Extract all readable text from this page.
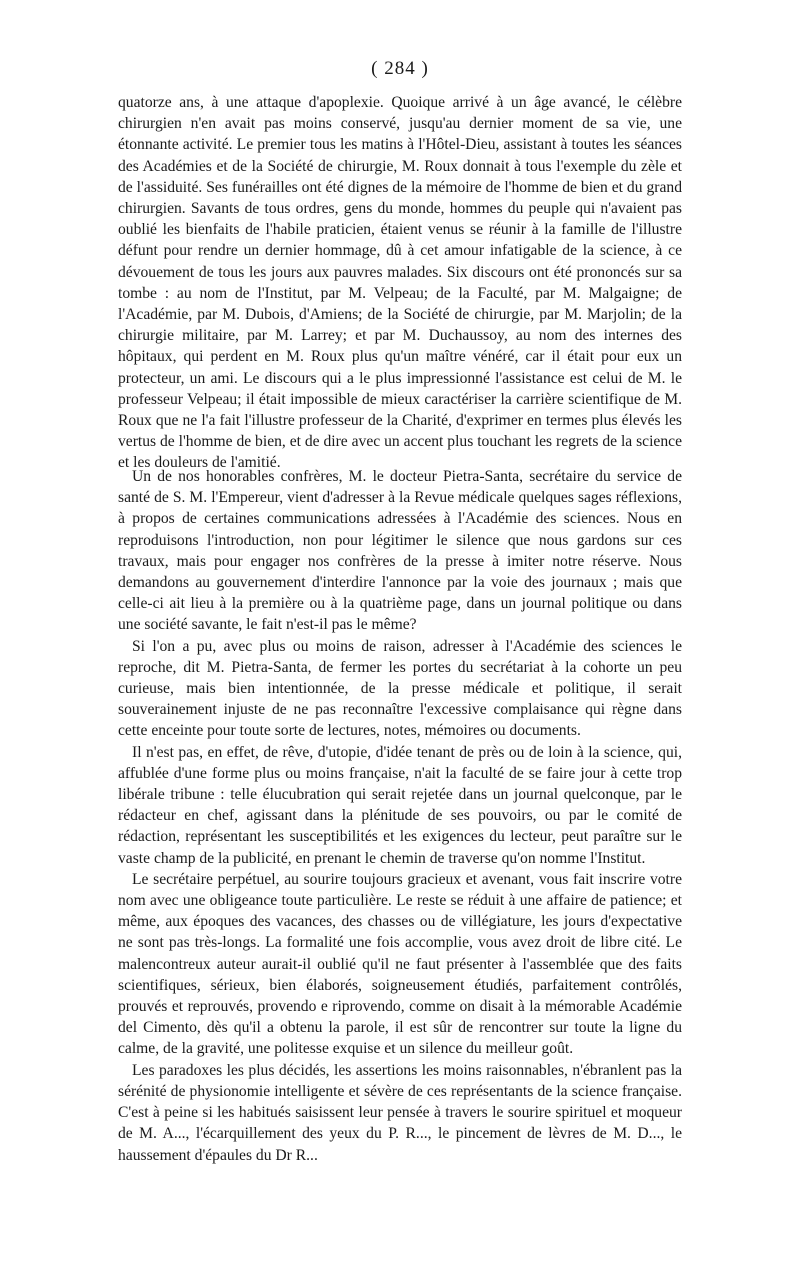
( 284 )

quatorze ans, à une attaque d'apoplexie. Quoique arrivé à un âge avancé, le célèbre chirurgien n'en avait pas moins conservé, jusqu'au dernier moment de sa vie, une étonnante activité. Le premier tous les matins à l'Hôtel-Dieu, assistant à toutes les séances des Académies et de la Société de chirurgie, M. Roux donnait à tous l'exemple du zèle et de l'assiduité. Ses funérailles ont été dignes de la mémoire de l'homme de bien et du grand chirurgien. Savants de tous ordres, gens du monde, hommes du peuple qui n'avaient pas oublié les bienfaits de l'habile praticien, étaient venus se réunir à la famille de l'illustre défunt pour rendre un dernier hommage, dû à cet amour infatigable de la science, à ce dévouement de tous les jours aux pauvres malades. Six discours ont été prononcés sur sa tombe : au nom de l'Institut, par M. Velpeau; de la Faculté, par M. Malgaigne; de l'Académie, par M. Dubois, d'Amiens; de la Société de chirurgie, par M. Marjolin; de la chirurgie militaire, par M. Larrey; et par M. Duchaussoy, au nom des internes des hôpitaux, qui perdent en M. Roux plus qu'un maître vénéré, car il était pour eux un protecteur, un ami. Le discours qui a le plus impressionné l'assistance est celui de M. le professeur Velpeau; il était impossible de mieux caractériser la carrière scientifique de M. Roux que ne l'a fait l'illustre professeur de la Charité, d'exprimer en termes plus élevés les vertus de l'homme de bien, et de dire avec un accent plus touchant les regrets de la science et les douleurs de l'amitié.

Un de nos honorables confrères, M. le docteur Pietra-Santa, secrétaire du service de santé de S. M. l'Empereur, vient d'adresser à la Revue médicale quelques sages réflexions, à propos de certaines communications adressées à l'Académie des sciences. Nous en reproduisons l'introduction, non pour légitimer le silence que nous gardons sur ces travaux, mais pour engager nos confrères de la presse à imiter notre réserve. Nous demandons au gouvernement d'interdire l'annonce par la voie des journaux ; mais que celle-ci ait lieu à la première ou à la quatrième page, dans un journal politique ou dans une société savante, le fait n'est-il pas le même?

Si l'on a pu, avec plus ou moins de raison, adresser à l'Académie des sciences le reproche, dit M. Pietra-Santa, de fermer les portes du secrétariat à la cohorte un peu curieuse, mais bien intentionnée, de la presse médicale et politique, il serait souverainement injuste de ne pas reconnaître l'excessive complaisance qui règne dans cette enceinte pour toute sorte de lectures, notes, mémoires ou documents.

Il n'est pas, en effet, de rêve, d'utopie, d'idée tenant de près ou de loin à la science, qui, affublée d'une forme plus ou moins française, n'ait la faculté de se faire jour à cette trop libérale tribune : telle élucubration qui serait rejetée dans un journal quelconque, par le rédacteur en chef, agissant dans la plénitude de ses pouvoirs, ou par le comité de rédaction, représentant les susceptibilités et les exigences du lecteur, peut paraître sur le vaste champ de la publicité, en prenant le chemin de traverse qu'on nomme l'Institut.

Le secrétaire perpétuel, au sourire toujours gracieux et avenant, vous fait inscrire votre nom avec une obligeance toute particulière. Le reste se réduit à une affaire de patience; et même, aux époques des vacances, des chasses ou de villégiature, les jours d'expectative ne sont pas très-longs. La formalité une fois accomplie, vous avez droit de libre cité. Le malencontreux auteur aurait-il oublié qu'il ne faut présenter à l'assemblée que des faits scientifiques, sérieux, bien élaborés, soigneusement étudiés, parfaitement contrôlés, prouvés et reprouvés, provendo e riprovendo, comme on disait à la mémorable Académie del Cimento, dès qu'il a obtenu la parole, il est sûr de rencontrer sur toute la ligne du calme, de la gravité, une politesse exquise et un silence du meilleur goût.

Les paradoxes les plus décidés, les assertions les moins raisonnables, n'ébranlent pas la sérénité de physionomie intelligente et sévère de ces représentants de la science française. C'est à peine si les habitués saisissent leur pensée à travers le sourire spirituel et moqueur de M. A..., l'écarquillement des yeux du P. R..., le pincement de lèvres de M. D..., le haussement d'épaules du Dr R...
